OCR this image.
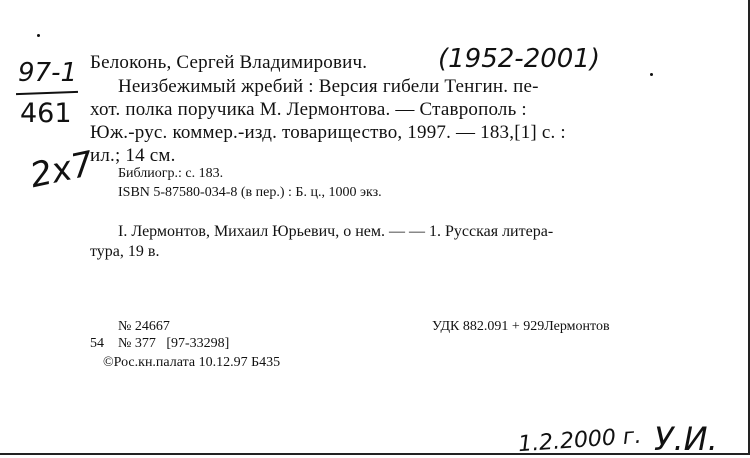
97-1
461
2x7
Белоконь, Сергей Владимирович.	(1952-2001)
Неизбежимый жребий : Версия гибели Тенгин. пе-
хот. полка поручика М. Лермонтова. — Ставрополь :
Юж.-рус. коммер.-изд. товарищество, 1997. — 183,[1] с. :
ил.; 14 см.
Библиогр.: с. 183.
ISBN 5-87580-034-8 (в пер.) : Б. ц., 1000 экз.
I. Лермонтов, Михаил Юрьевич, о нем. — — 1. Русская литера-
тура, 19 в.
№ 24667
54 № 377   [97-33298]
©Рос.кн.палата 10.12.97 Б435
УДК 882.091 + 929Лермонтов
1.2.2000 г. У.И.
